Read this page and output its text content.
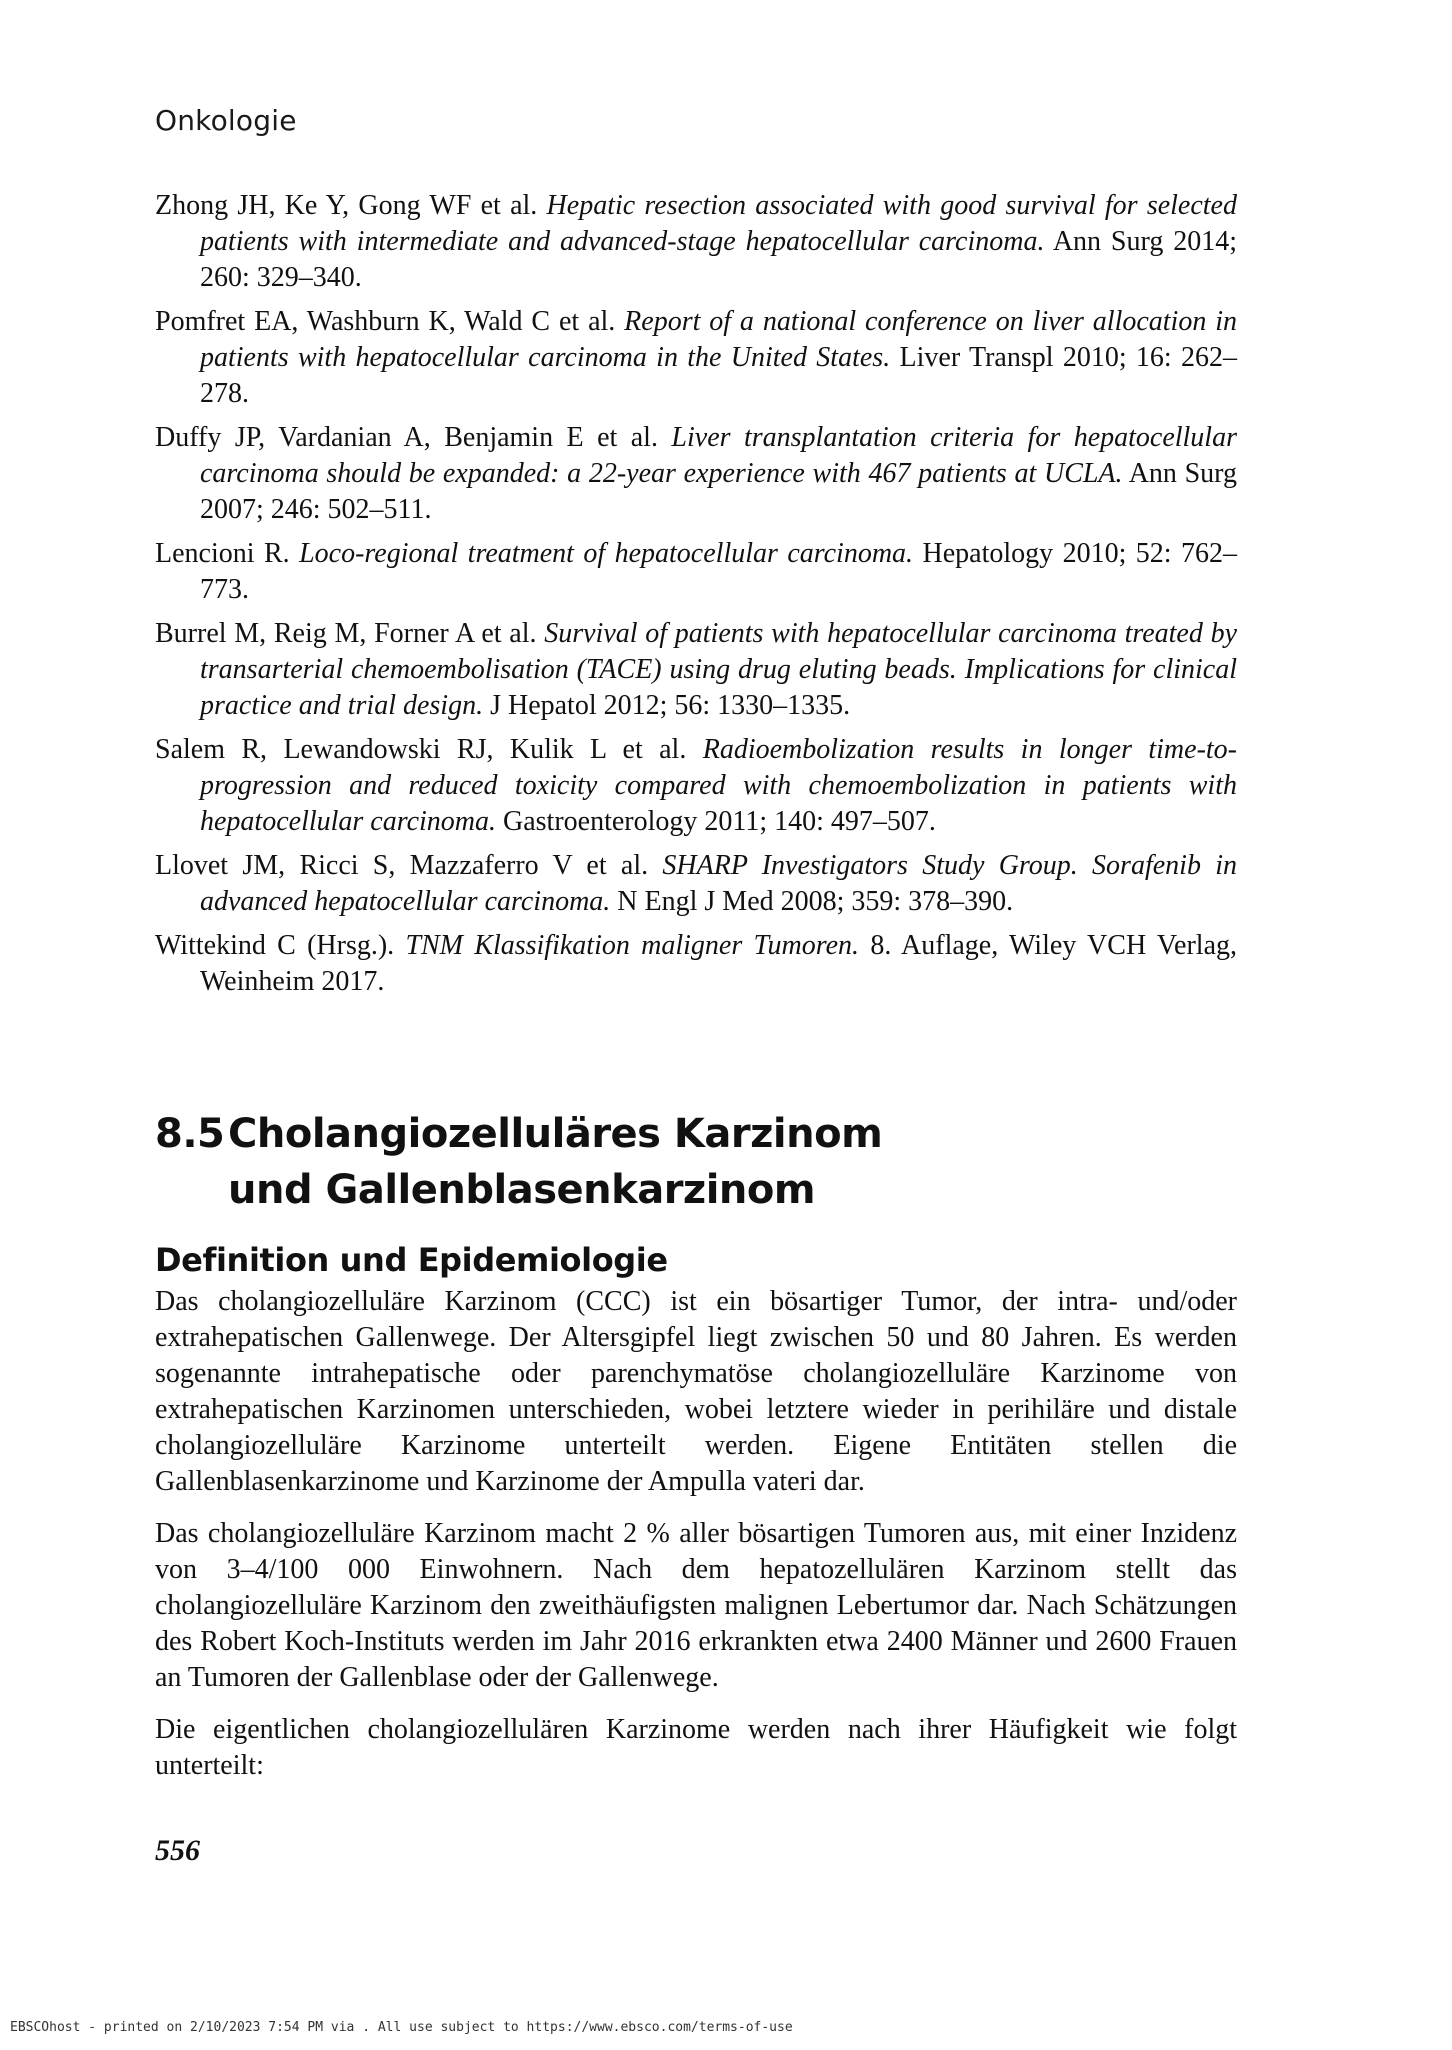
Onkologie

Zhong JH, Ke Y, Gong WF et al. Hepatic resection associated with good survival for selected patients with intermediate and advanced-stage hepatocellular carcinoma. Ann Surg 2014; 260: 329–340.

Pomfret EA, Washburn K, Wald C et al. Report of a national conference on liver allocation in patients with hepatocellular carcinoma in the United States. Liver Transpl 2010; 16: 262–278.

Duffy JP, Vardanian A, Benjamin E et al. Liver transplantation criteria for hepatocellular carcinoma should be expanded: a 22-year experience with 467 patients at UCLA. Ann Surg 2007; 246: 502–511.

Lencioni R. Loco-regional treatment of hepatocellular carcinoma. Hepatology 2010; 52: 762–773.

Burrel M, Reig M, Forner A et al. Survival of patients with hepatocellular carcinoma treated by transarterial chemoembolisation (TACE) using drug eluting beads. Implications for clinical practice and trial design. J Hepatol 2012; 56: 1330–1335.

Salem R, Lewandowski RJ, Kulik L et al. Radioembolization results in longer time-to-progression and reduced toxicity compared with chemoembolization in patients with hepatocellular carcinoma. Gastroenterology 2011; 140: 497–507.

Llovet JM, Ricci S, Mazzaferro V et al. SHARP Investigators Study Group. Sorafenib in advanced hepatocellular carcinoma. N Engl J Med 2008; 359: 378–390.

Wittekind C (Hrsg.). TNM Klassifikation maligner Tumoren. 8. Auflage, Wiley VCH Verlag, Weinheim 2017.

8.5Cholangiozelluläres Karzinom
und Gallenblasenkarzinom
Definition und Epidemiologie

Das cholangiozelluläre Karzinom (CCC) ist ein bösartiger Tumor, der intra- und/oder extrahepatischen Gallenwege. Der Altersgipfel liegt zwischen 50 und 80 Jahren. Es werden sogenannte intrahepatische oder parenchymatöse cholangiozelluläre Karzinome von extrahepatischen Karzinomen unterschieden, wobei letztere wieder in perihiläre und distale cholangiozelluläre Karzinome unterteilt werden. Eigene Entitäten stellen die Gallenblasenkarzinome und Karzinome der Ampulla vateri dar.

Das cholangiozelluläre Karzinom macht 2 % aller bösartigen Tumoren aus, mit einer Inzidenz von 3–4/100 000 Einwohnern. Nach dem hepatozellulären Karzinom stellt das cholangiozelluläre Karzinom den zweithäufigsten malignen Lebertumor dar. Nach Schätzungen des Robert Koch-Instituts werden im Jahr 2016 erkrankten etwa 2400 Männer und 2600 Frauen an Tumoren der Gallenblase oder der Gallenwege.

Die eigentlichen cholangiozellulären Karzinome werden nach ihrer Häufigkeit wie folgt unterteilt:

556
EBSCOhost - printed on 2/10/2023 7:54 PM via . All use subject to https://www.ebsco.com/terms-of-use
